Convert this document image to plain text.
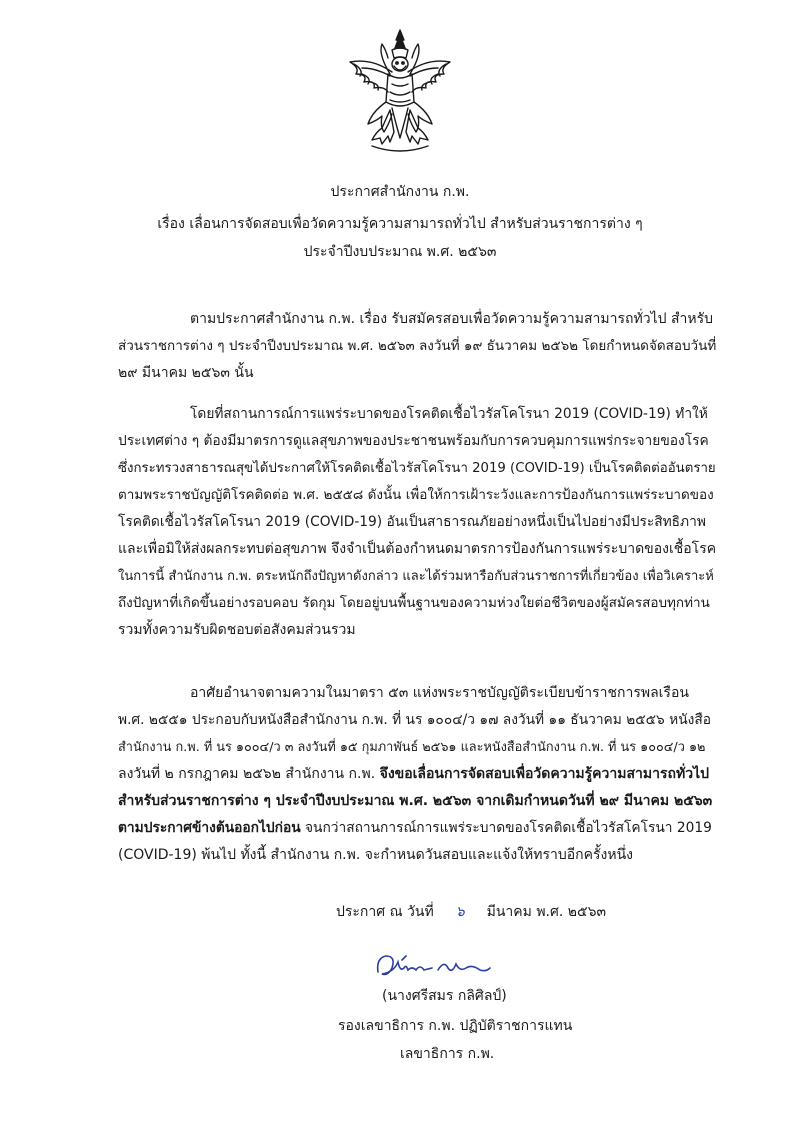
ประกาศสำนักงาน ก.พ.
เรื่อง เลื่อนการจัดสอบเพื่อวัดความรู้ความสามารถทั่วไป สำหรับส่วนราชการต่าง ๆ
ประจำปีงบประมาณ พ.ศ. ๒๕๖๓
ตามประกาศสำนักงาน ก.พ. เรื่อง รับสมัครสอบเพื่อวัดความรู้ความสามารถทั่วไป สำหรับ
ส่วนราชการต่าง ๆ ประจำปีงบประมาณ พ.ศ. ๒๕๖๓ ลงวันที่ ๑๙ ธันวาคม ๒๕๖๒ โดยกำหนดจัดสอบวันที่
๒๙ มีนาคม ๒๕๖๓ นั้น
โดยที่สถานการณ์การแพร่ระบาดของโรคติดเชื้อไวรัสโคโรนา 2019 (COVID-19) ทำให้
ประเทศต่าง ๆ ต้องมีมาตรการดูแลสุขภาพของประชาชนพร้อมกับการควบคุมการแพร่กระจายของโรค
ซึ่งกระทรวงสาธารณสุขได้ประกาศให้โรคติดเชื้อไวรัสโคโรนา 2019 (COVID-19) เป็นโรคติดต่ออันตราย
ตามพระราชบัญญัติโรคติดต่อ พ.ศ. ๒๕๕๘ ดังนั้น เพื่อให้การเฝ้าระวังและการป้องกันการแพร่ระบาดของ
โรคติดเชื้อไวรัสโคโรนา 2019 (COVID-19) อันเป็นสาธารณภัยอย่างหนึ่งเป็นไปอย่างมีประสิทธิภาพ
และเพื่อมิให้ส่งผลกระทบต่อสุขภาพ จึงจำเป็นต้องกำหนดมาตรการป้องกันการแพร่ระบาดของเชื้อโรค
ในการนี้ สำนักงาน ก.พ. ตระหนักถึงปัญหาดังกล่าว และได้ร่วมหารือกับส่วนราชการที่เกี่ยวข้อง เพื่อวิเคราะห์
ถึงปัญหาที่เกิดขึ้นอย่างรอบคอบ รัดกุม โดยอยู่บนพื้นฐานของความห่วงใยต่อชีวิตของผู้สมัครสอบทุกท่าน
รวมทั้งความรับผิดชอบต่อสังคมส่วนรวม
อาศัยอำนาจตามความในมาตรา ๕๓ แห่งพระราชบัญญัติระเบียบข้าราชการพลเรือน
พ.ศ. ๒๕๕๑ ประกอบกับหนังสือสำนักงาน ก.พ. ที่ นร ๑๐๐๔/ว ๑๗ ลงวันที่ ๑๑ ธันวาคม ๒๕๕๖ หนังสือ
สำนักงาน ก.พ. ที่ นร ๑๐๐๔/ว ๓ ลงวันที่ ๑๕ กุมภาพันธ์ ๒๕๖๑ และหนังสือสำนักงาน ก.พ. ที่ นร ๑๐๐๔/ว ๑๒
ลงวันที่ ๒ กรกฎาคม ๒๕๖๒ สำนักงาน ก.พ. จึงขอเลื่อนการจัดสอบเพื่อวัดความรู้ความสามารถทั่วไป
สำหรับส่วนราชการต่าง ๆ ประจำปีงบประมาณ พ.ศ. ๒๕๖๓ จากเดิมกำหนดวันที่ ๒๙ มีนาคม ๒๕๖๓
ตามประกาศข้างต้นออกไปก่อน จนกว่าสถานการณ์การแพร่ระบาดของโรคติดเชื้อไวรัสโคโรนา 2019
(COVID-19) พ้นไป ทั้งนี้ สำนักงาน ก.พ. จะกำหนดวันสอบและแจ้งให้ทราบอีกครั้งหนึ่ง
ประกาศ ณ วันที่ ๖ มีนาคม พ.ศ. ๒๕๖๓
(นางศรีสมร กลิศิลป์)
รองเลขาธิการ ก.พ. ปฏิบัติราชการแทน
เลขาธิการ ก.พ.
